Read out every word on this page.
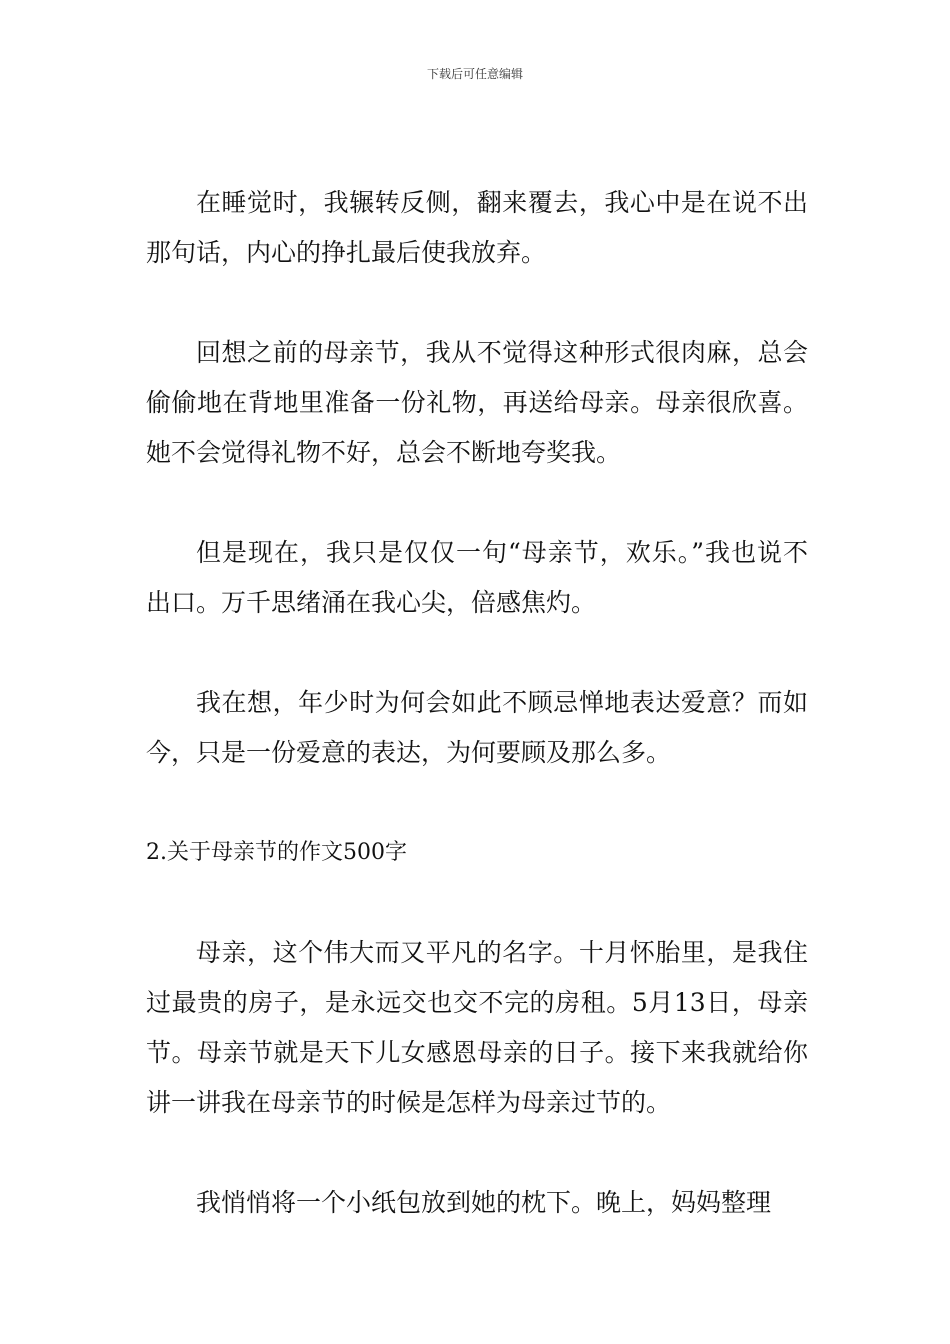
下载后可任意编辑

在睡觉时，我辗转反侧，翻来覆去，我心中是在说不出那句话，内心的挣扎最后使我放弃。

回想之前的母亲节，我从不觉得这种形式很肉麻，总会偷偷地在背地里准备一份礼物，再送给母亲。母亲很欣喜。她不会觉得礼物不好，总会不断地夸奖我。

但是现在，我只是仅仅一句“母亲节，欢乐。”我也说不出口。万千思绪涌在我心尖，倍感焦灼。

我在想，年少时为何会如此不顾忌惮地表达爱意？而如今，只是一份爱意的表达，为何要顾及那么多。

2.关于母亲节的作文500字

母亲，这个伟大而又平凡的名字。十月怀胎里，是我住过最贵的房子，是永远交也交不完的房租。5月13日，母亲节。母亲节就是天下儿女感恩母亲的日子。接下来我就给你讲一讲我在母亲节的时候是怎样为母亲过节的。

我悄悄将一个小纸包放到她的枕下。晚上，妈妈整理
